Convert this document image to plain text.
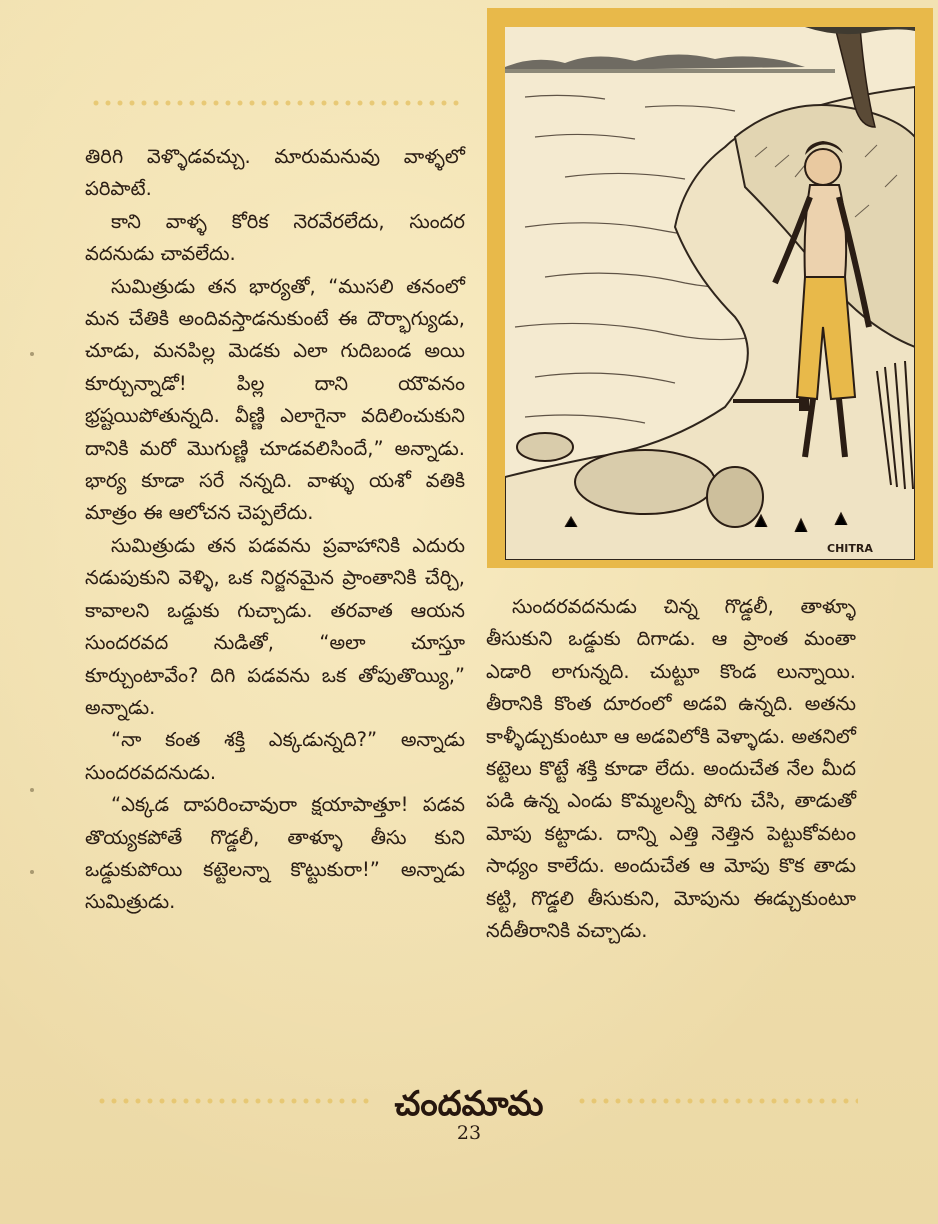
తిరిగి వెళ్ళొడవచ్చు. మారుమనువు వాళ్ళలో పరిపాటే.

కాని వాళ్ళ కోరిక నెరవేరలేదు, సుందర వదనుడు చావలేదు.

సుమిత్రుడు తన భార్యతో, “ముసలి తనంలో మన చేతికి అందివస్తాడనుకుంటే ఈ దౌర్భాగ్యుడు, చూడు, మనపిల్ల మెడకు ఎలా గుదిబండ అయి కూర్చున్నాడో! పిల్ల దాని యౌవనం భ్రష్టయిపోతున్నది. వీణ్ణి ఎలాగైనా వదిలించుకుని దానికి మరో మొగుణ్ణి చూడవలిసిందే,” అన్నాడు. భార్య కూడా సరే నన్నది. వాళ్ళు యశో వతికి మాత్రం ఈ ఆలోచన చెప్పలేదు.

సుమిత్రుడు తన పడవను ప్రవాహానికి ఎదురు నడుపుకుని వెళ్ళి, ఒక నిర్జనమైన ప్రాంతానికి చేర్చి, కావాలని ఒడ్డుకు గుచ్చాడు. తరవాత ఆయన సుందరవద నుడితో, “అలా చూస్తూ కూర్చుంటావేం? దిగి పడవను ఒక తోపుతొయ్యి,” అన్నాడు.

“నా కంత శక్తి ఎక్కడున్నది?” అన్నాడు సుందరవదనుడు.

“ఎక్కడ దాపరించావురా క్షయాపాత్తూ! పడవ తొయ్యకపోతే గొడ్డలీ, తాళ్ళూ తీసు కుని ఒడ్డుకుపోయి కట్టెలన్నా కొట్టుకురా!” అన్నాడు సుమిత్రుడు.

CHITRA

సుందరవదనుడు చిన్న గొడ్డలీ, తాళ్ళూ తీసుకుని ఒడ్డుకు దిగాడు. ఆ ప్రాంత మంతా ఎడారి లాగున్నది. చుట్టూ కొండ లున్నాయి. తీరానికి కొంత దూరంలో అడవి ఉన్నది. అతను కాళ్ళీడ్చుకుంటూ ఆ అడవిలోకి వెళ్ళాడు. అతనిలో కట్టెలు కొట్టే శక్తి కూడా లేదు. అందుచేత నేల మీద పడి ఉన్న ఎండు కొమ్మలన్నీ పోగు చేసి, తాడుతో మోపు కట్టాడు. దాన్ని ఎత్తి నెత్తిన పెట్టుకోవటం సాధ్యం కాలేదు. అందుచేత ఆ మోపు కొక తాడు కట్టి, గొడ్డలి తీసుకుని, మోపును ఈడ్చుకుంటూ నదీతీరానికి వచ్చాడు.

చందమామ
23
